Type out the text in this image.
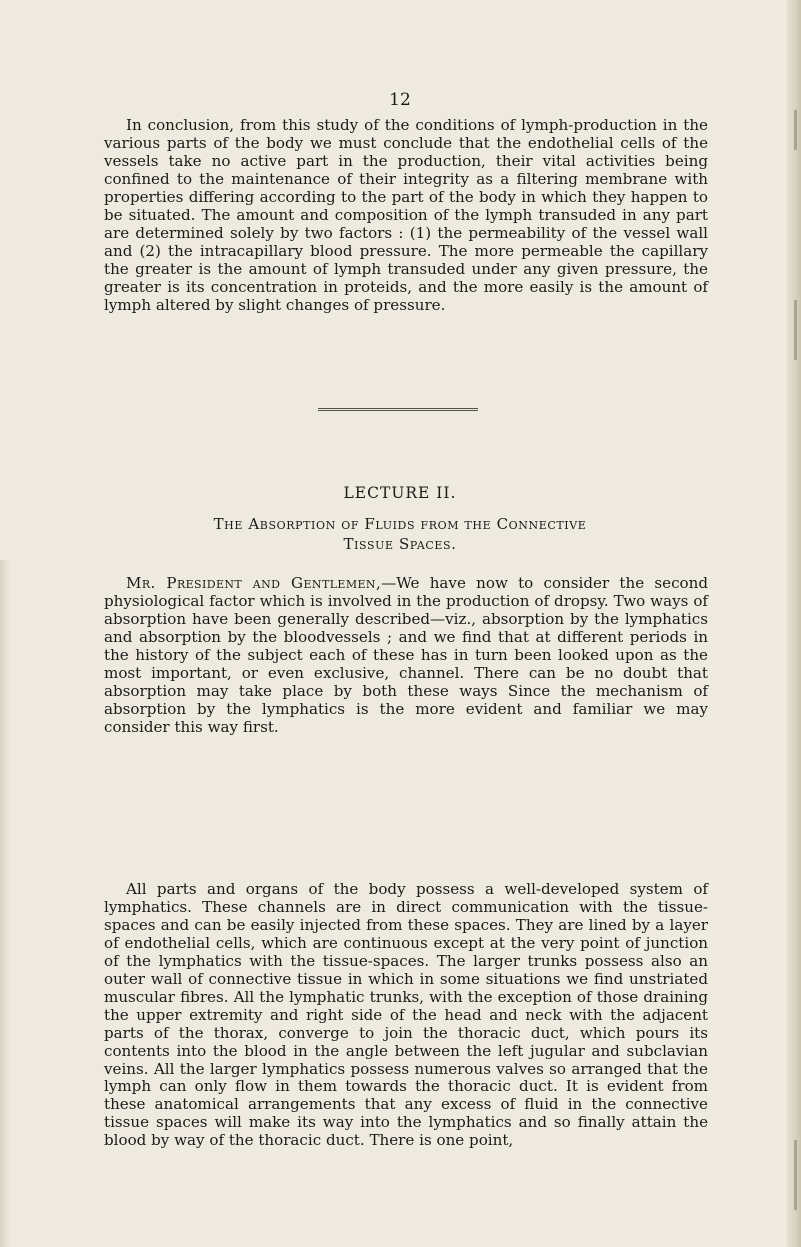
12

In conclusion, from this study of the conditions of lymph-production in the various parts of the body we must conclude that the endothelial cells of the vessels take no active part in the production, their vital activities being confined to the maintenance of their integrity as a filtering membrane with properties differing according to the part of the body in which they happen to be situated. The amount and composition of the lymph transuded in any part are determined solely by two factors : (1) the permeability of the vessel wall and (2) the intracapillary blood pressure. The more permeable the capillary the greater is the amount of lymph transuded under any given pressure, the greater is its concentration in proteids, and the more easily is the amount of lymph altered by slight changes of pressure.

LECTURE II.
The Absorption of Fluids from the Connective
Tissue Spaces.

Mr. President and Gentlemen,—We have now to consider the second physiological factor which is involved in the production of dropsy. Two ways of absorption have been generally described—viz., absorption by the lymphatics and absorption by the bloodvessels ; and we find that at different periods in the history of the subject each of these has in turn been looked upon as the most important, or even exclusive, channel. There can be no doubt that absorption may take place by both these ways Since the mechanism of absorption by the lymphatics is the more evident and familiar we may consider this way first.

All parts and organs of the body possess a well-developed system of lymphatics. These channels are in direct communication with the tissue-spaces and can be easily injected from these spaces. They are lined by a layer of endothelial cells, which are continuous except at the very point of junction of the lymphatics with the tissue-spaces. The larger trunks possess also an outer wall of connective tissue in which in some situations we find unstriated muscular fibres. All the lymphatic trunks, with the exception of those draining the upper extremity and right side of the head and neck with the adjacent parts of the thorax, converge to join the thoracic duct, which pours its contents into the blood in the angle between the left jugular and subclavian veins. All the larger lymphatics possess numerous valves so arranged that the lymph can only flow in them towards the thoracic duct. It is evident from these anatomical arrangements that any excess of fluid in the connective tissue spaces will make its way into the lymphatics and so finally attain the blood by way of the thoracic duct. There is one point,
